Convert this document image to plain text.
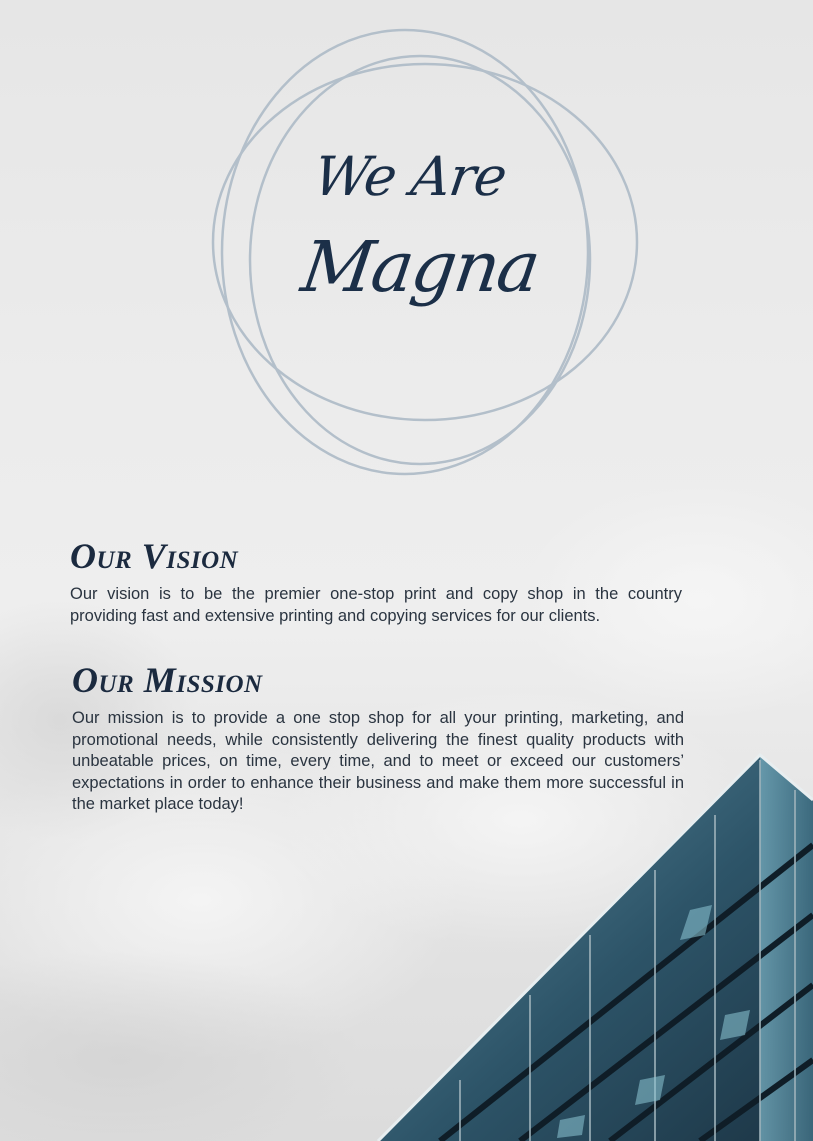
We Are
Magna
Our Vision

Our vision is to be the premier one-stop print and copy shop in the country providing fast and extensive printing and copying services for our clients.

Our Mission

Our mission is to provide a one stop shop for all your printing, marketing, and promotional needs, while consistently delivering the finest quality products with unbeatable prices, on time, every time, and to meet or exceed our customers’ expectations in order to enhance their business and make them more successful in the market place today!
